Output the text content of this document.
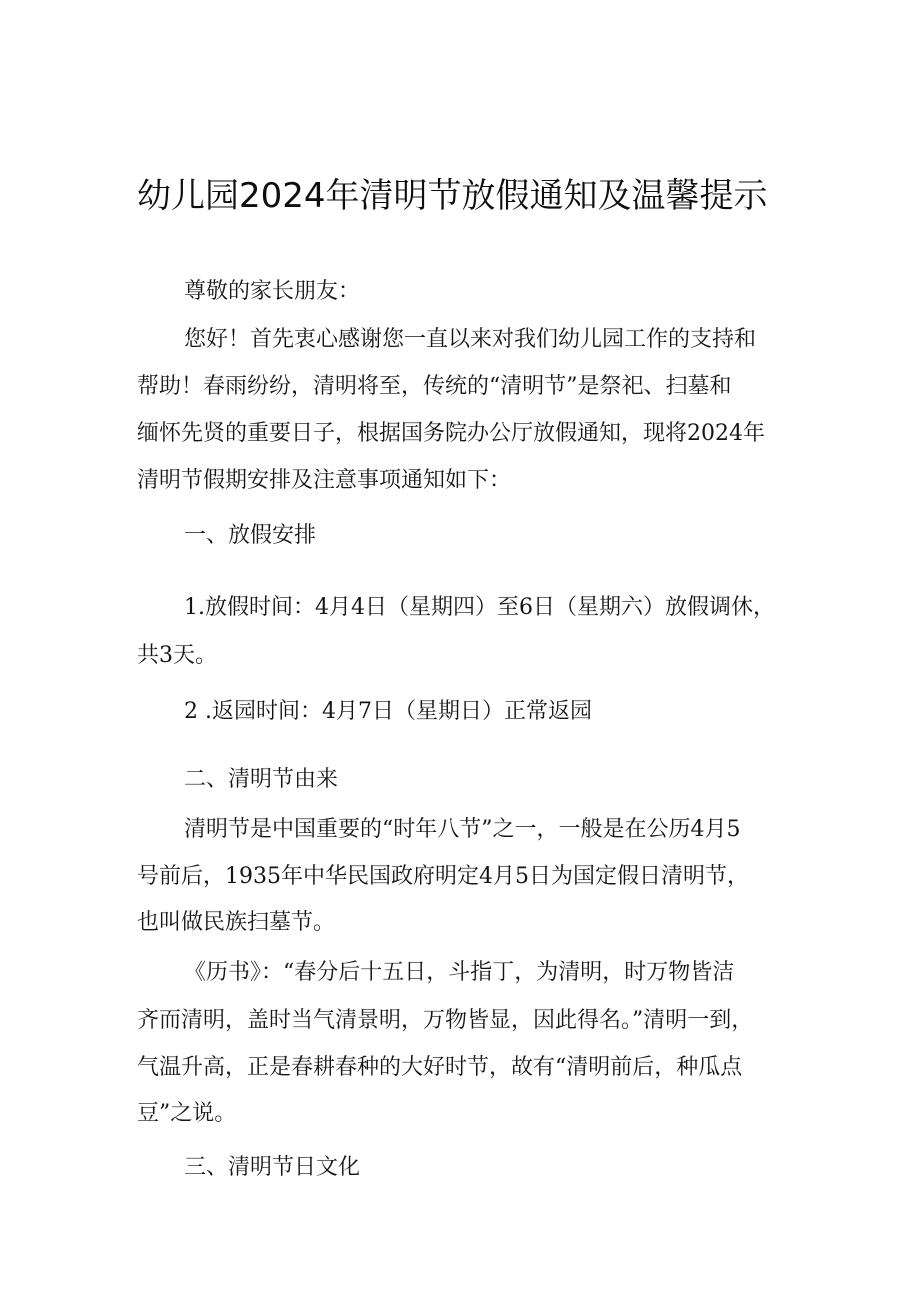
幼儿园2024年清明节放假通知及温馨提示
尊敬的家长朋友：
您好！首先衷心感谢您一直以来对我们幼儿园工作的支持和
帮助！春雨纷纷，清明将至，传统的“清明节”是祭祀、扫墓和
缅怀先贤的重要日子，根据国务院办公厅放假通知，现将2024年
清明节假期安排及注意事项通知如下：
一、放假安排
1.放假时间：4月4日（星期四）至6日（星期六）放假调休，
共3天。
2 .返园时间：4月7日（星期日）正常返园
二、清明节由来
清明节是中国重要的“时年八节”之一，一般是在公历4月5
号前后，1935年中华民国政府明定4月5日为国定假日清明节，
也叫做民族扫墓节。
《历书》：“春分后十五日，斗指丁，为清明，时万物皆洁
齐而清明，盖时当气清景明，万物皆显，因此得名。”清明一到，
气温升高，正是春耕春种的大好时节，故有“清明前后，种瓜点
豆”之说。
三、清明节日文化
